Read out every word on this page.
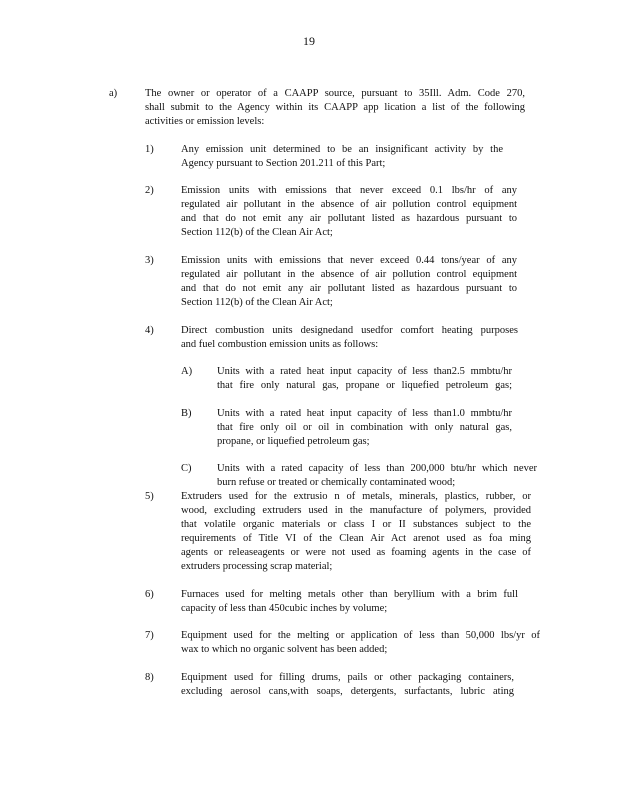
19
a)	The owner or operator of a CAAPP source, pursuant to 35Ill. Adm. Code 270,
shall submit to the Agency within its CAAPP app lication a list of the following
activities or emission levels:
1)	Any emission unit determined to be an insignificant activity by the
Agency pursuant to Section 201.211 of this Part;
2)	Emission units with emissions that never exceed 0.1 lbs/hr of any
regulated air pollutant in the absence of air pollution control equipment
and that do not emit any air pollutant listed as hazardous pursuant to
Section 112(b) of the Clean Air Act;
3)	Emission units with emissions that never exceed 0.44 tons/year of any
regulated air pollutant in the absence of air pollution control equipment
and that do not emit any air pollutant listed as hazardous pursuant to
Section 112(b) of the Clean Air Act;
4)	Direct combustion units designedand usedfor comfort heating purposes
and fuel combustion emission units as follows:
A) Units with a rated heat input capacity of less than2.5 mmbtu/hr
that fire only natural gas, propane or liquefied petroleum gas;
B) Units with a rated heat input capacity of less than1.0 mmbtu/hr
that fire only oil or oil in combination with only natural gas,
propane, or liquefied petroleum gas;
C) Units with a rated capacity of less than 200,000 btu/hr which never
burn refuse or treated or chemically contaminated wood;
5)	Extruders used for the extrusio n of metals, minerals, plastics, rubber, or
wood, excluding extruders used in the manufacture of polymers, provided
that volatile organic materials or class I or II substances subject to the
requirements of Title VI of the Clean Air Act arenot used as foa ming
agents or releaseagents or were not used as foaming agents in the case of
extruders processing scrap material;
6)	Furnaces used for melting metals other than beryllium with a brim full
capacity of less than 450cubic inches by volume;
7)	Equipment used for the melting or application of less than 50,000 lbs/yr of
wax to which no organic solvent has been added;
8)	Equipment used for filling drums, pails or other packaging containers,
excluding aerosol cans,with soaps, detergents, surfactants, lubric ating
